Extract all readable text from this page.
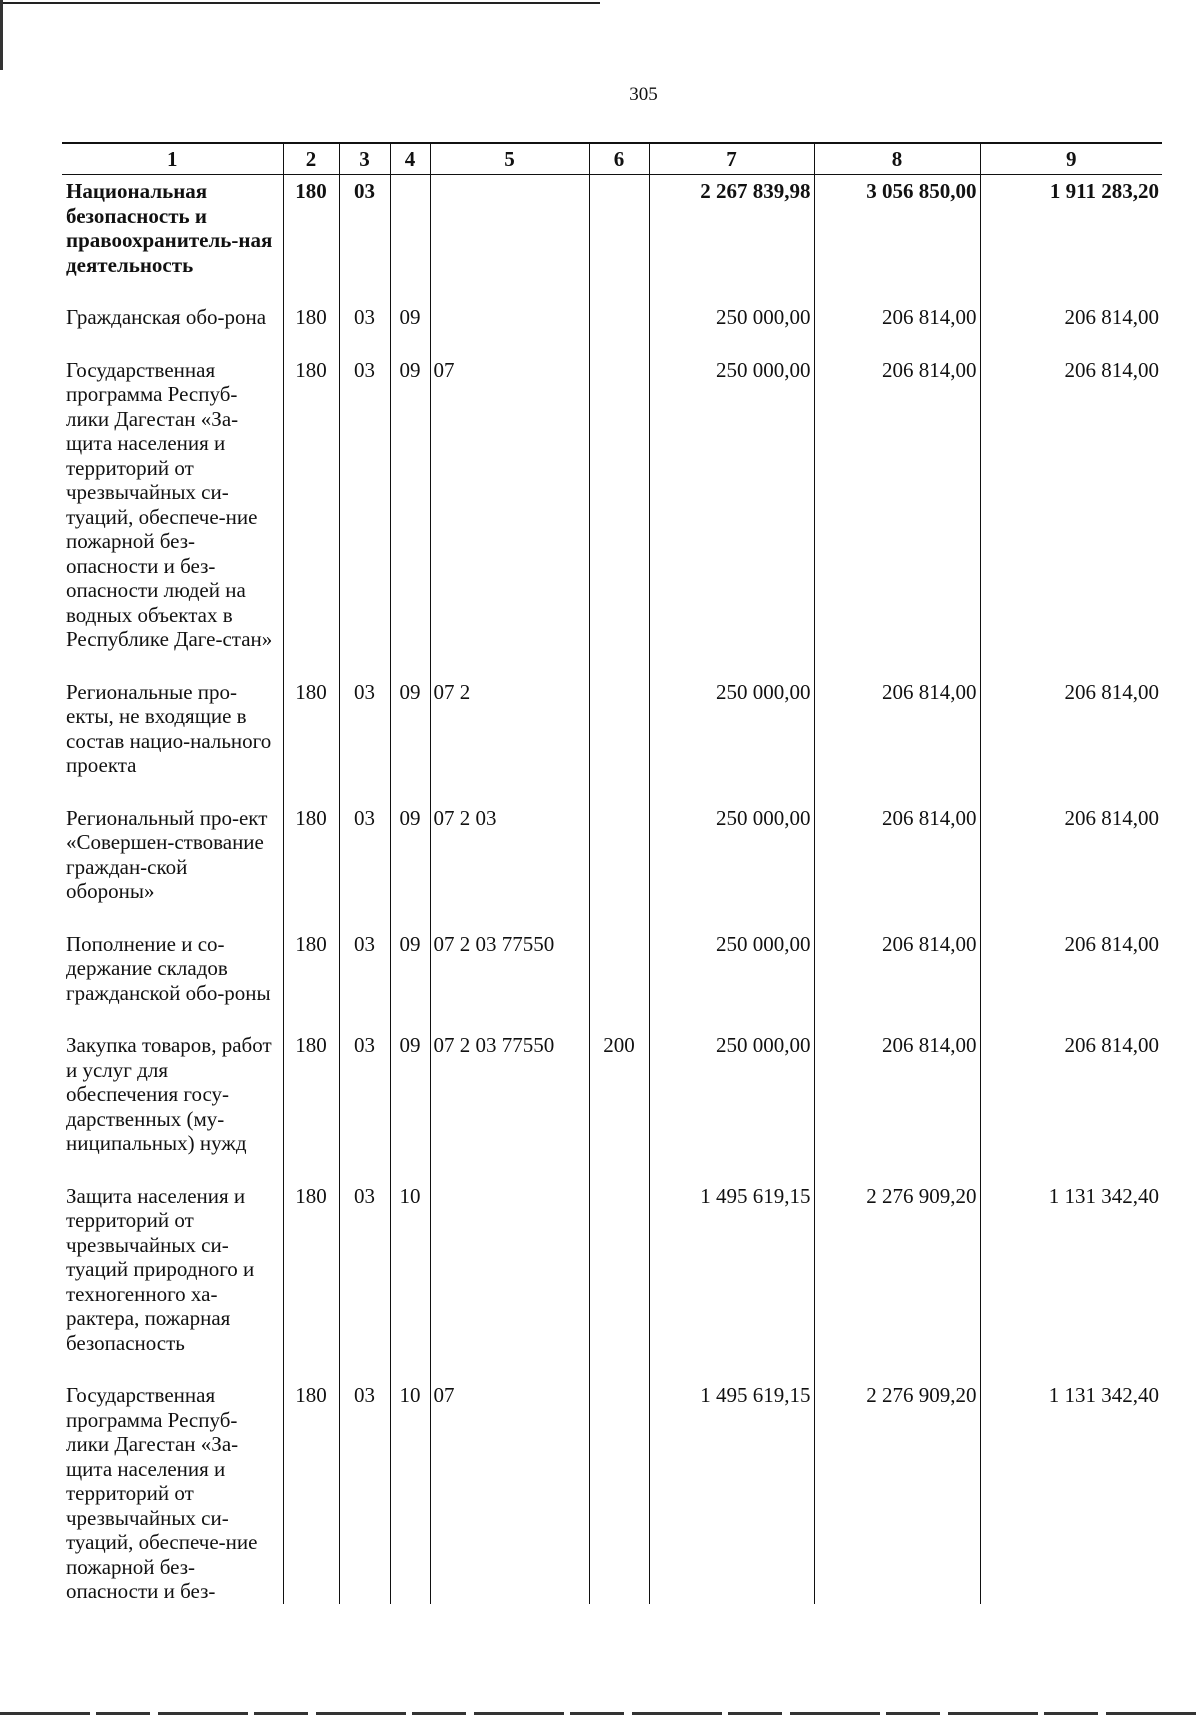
305
1	2	3	4	5	6	7	8	9
Национальная безопасность и правоохранитель-ная деятельность	180	03				2 267 839,98	3 056 850,00	1 911 283,20
Гражданская обо-рона	180	03	09			250 000,00	206 814,00	206 814,00
Государственная программа Респуб-лики Дагестан «За-щита населения и территорий от чрезвычайных си-туаций, обеспече-ние пожарной без-опасности и без-опасности людей на водных объектах в Республике Даге-стан»	180	03	09	07		250 000,00	206 814,00	206 814,00
Региональные про-екты, не входящие в состав нацио-нального проекта	180	03	09	07 2		250 000,00	206 814,00	206 814,00
Региональный про-ект «Совершен-ствование граждан-ской обороны»	180	03	09	07 2 03		250 000,00	206 814,00	206 814,00
Пополнение и со-держание складов гражданской обо-роны	180	03	09	07 2 03 77550		250 000,00	206 814,00	206 814,00
Закупка товаров, работ и услуг для обеспечения госу-дарственных (му-ниципальных) нужд	180	03	09	07 2 03 77550	200	250 000,00	206 814,00	206 814,00
Защита населения и территорий от чрезвычайных си-туаций природного и техногенного ха-рактера, пожарная безопасность	180	03	10			1 495 619,15	2 276 909,20	1 131 342,40
Государственная программа Респуб-лики Дагестан «За-щита населения и территорий от чрезвычайных си-туаций, обеспече-ние пожарной без-опасности и без-	180	03	10	07		1 495 619,15	2 276 909,20	1 131 342,40
